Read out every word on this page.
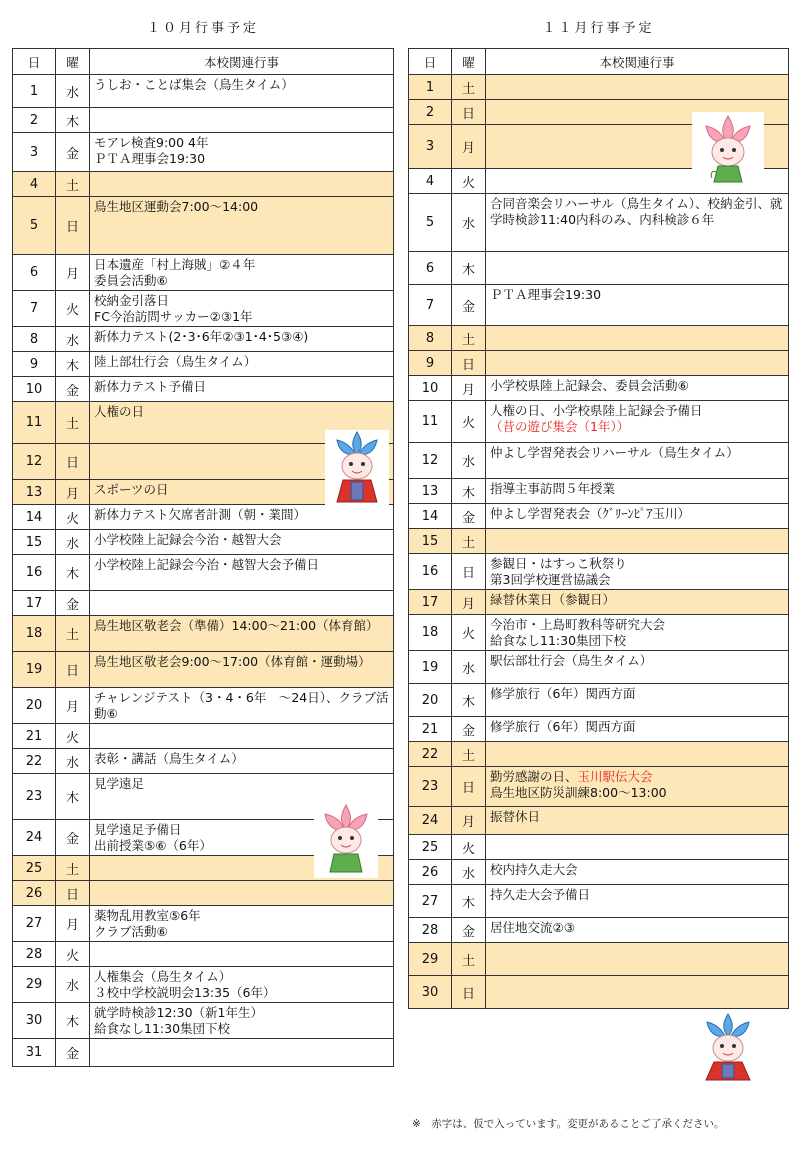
１０月行事予定
日	曜	本校関連行事
1	水	うしお・ことば集会（鳥生タイム）
2	木	
3	金	モアレ検査9:00 4年
ＰＴＡ理事会19:30
4	土	
5	日	鳥生地区運動会7:00～14:00
6	月	日本遺産「村上海賊」②４年
委員会活動⑥
7	火	校納金引落日
FC今治訪問サッカー②③1年
8	水	新体力テスト(2･3･6年②③1･4･5③④)
9	木	陸上部壮行会（鳥生タイム）
10	金	新体力テスト予備日
11	土	人権の日
12	日	
13	月	スポーツの日
14	火	新体力テスト欠席者計測（朝・業間）
15	水	小学校陸上記録会今治・越智大会
16	木	小学校陸上記録会今治・越智大会予備日
17	金	
18	土	鳥生地区敬老会（準備）14:00～21:00（体育館）
19	日	鳥生地区敬老会9:00～17:00（体育館・運動場）
20	月	チャレンジテスト（3・4・6年　～24日）、クラブ活動⑥
21	火	
22	水	表彰・講話（鳥生タイム）
23	木	見学遠足
24	金	見学遠足予備日
出前授業⑤⑥（6年）
25	土	
26	日	
27	月	薬物乱用教室⑤6年
クラブ活動⑥
28	火	
29	水	人権集会（鳥生タイム）
３校中学校説明会13:35（6年）
30	木	就学時検診12:30（新1年生）
給食なし11:30集団下校
31	金	
１１月行事予定
日	曜	本校関連行事
1	土	
2	日	
3	月	
4	火	
5	水	合同音楽会リハーサル（鳥生タイム）、校納金引、就学時検診11:40内科のみ、内科検診６年
6	木	
7	金	ＰＴＡ理事会19:30
8	土	
9	日	
10	月	小学校県陸上記録会、委員会活動⑥
11	火	人権の日、小学校県陸上記録会予備日
（昔の遊び集会（1年））
12	水	仲よし学習発表会リハーサル（鳥生タイム）
13	木	指導主事訪問５年授業
14	金	仲よし学習発表会（ｸﾞﾘｰﾝﾋﾟｱ玉川）
15	土	
16	日	参観日・はすっこ秋祭り
第3回学校運営協議会
17	月	緑替休業日（参観日）
18	火	今治市・上島町教科等研究大会
給食なし11:30集団下校
19	水	駅伝部壮行会（鳥生タイム）
20	木	修学旅行（6年）関西方面
21	金	修学旅行（6年）関西方面
22	土	
23	日	勤労感謝の日、玉川駅伝大会
鳥生地区防災訓練8:00～13:00
24	月	振替休日
25	火	
26	水	校内持久走大会
27	木	持久走大会予備日
28	金	居住地交流②③
29	土	
30	日	
※　赤字は、仮で入っています。変更があることご了承ください。
